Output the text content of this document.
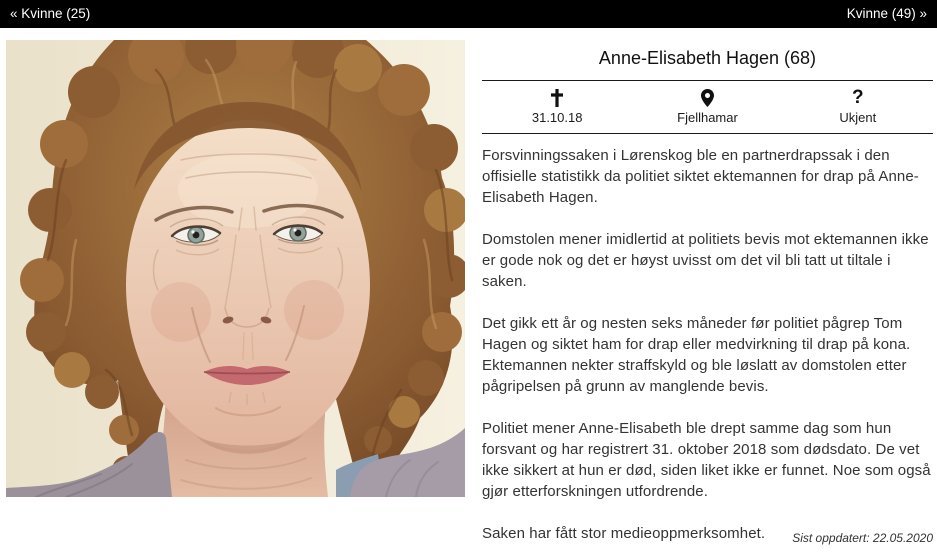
« Kvinne (25)	Kvinne (49) »
Anne-Elisabeth Hagen (68)
31.10.18	Fjellhamar
?
Ukjent

Forsvinningssaken i Lørenskog ble en partnerdrapssak i den offisielle statistikk da politiet siktet ektemannen for drap på Anne-Elisabeth Hagen.

Domstolen mener imidlertid at politiets bevis mot ektemannen ikke er gode nok og det er høyst uvisst om det vil bli tatt ut tiltale i saken.

Det gikk ett år og nesten seks måneder før politiet pågrep Tom Hagen og siktet ham for drap eller medvirkning til drap på kona. Ektemannen nekter straffskyld og ble løslatt av domstolen etter pågripelsen på grunn av manglende bevis.

Politiet mener Anne-Elisabeth ble drept samme dag som hun forsvant og har registrert 31. oktober 2018 som dødsdato. De vet ikke sikkert at hun er død, siden liket ikke er funnet. Noe som også gjør etterforskningen utfordrende.

Saken har fått stor medieoppmerksomhet.	Sist oppdatert: 22.05.2020
